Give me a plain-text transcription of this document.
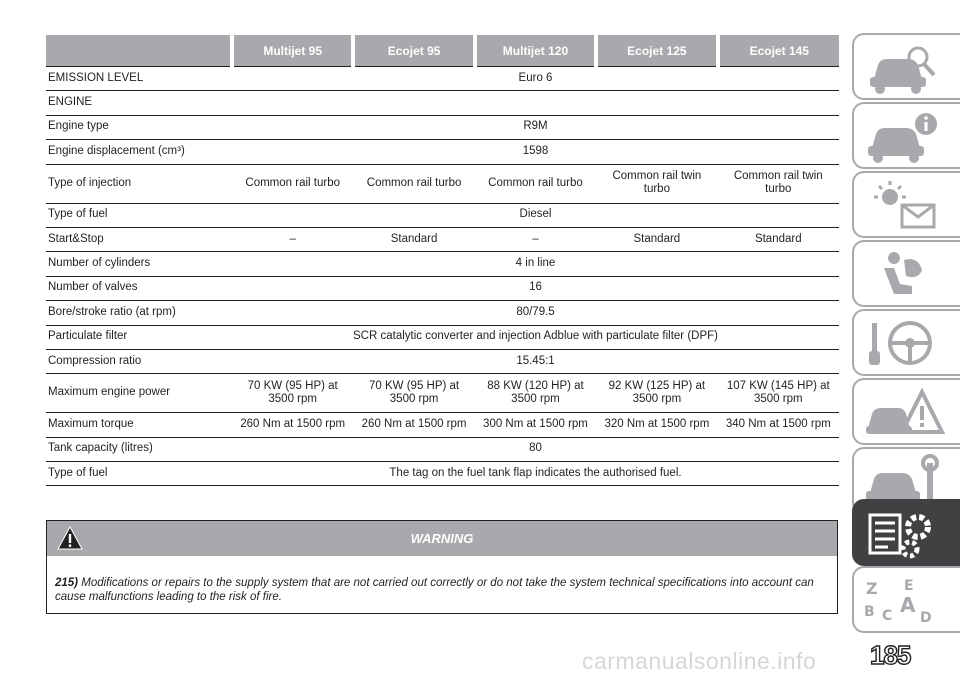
	Multijet 95	Ecojet 95	Multijet 120	Ecojet 125	Ecojet 145
EMISSION LEVEL	Euro 6				
ENGINE					
Engine type	R9M				
Engine displacement (cm³)	1598				
Type of injection	Common rail turbo	Common rail turbo	Common rail turbo	Common rail twin turbo	Common rail twin turbo
Type of fuel	Diesel				
Start&Stop	–	Standard	–	Standard	Standard
Number of cylinders	4 in line				
Number of valves	16				
Bore/stroke ratio (at rpm)	80/79.5				
Particulate filter	SCR catalytic converter and injection Adblue with particulate filter (DPF)				
Compression ratio	15.45:1				
Maximum engine power	70 KW (95 HP) at 3500 rpm	70 KW (95 HP) at 3500 rpm	88 KW (120 HP) at 3500 rpm	92 KW (125 HP) at 3500 rpm	107 KW (145 HP) at 3500 rpm
Maximum torque	260 Nm at 1500 rpm	260 Nm at 1500 rpm	300 Nm at 1500 rpm	320 Nm at 1500 rpm	340 Nm at 1500 rpm
Tank capacity (litres)	80				
Type of fuel	The tag on the fuel tank flap indicates the authorised fuel.				
WARNING
215) Modifications or repairs to the supply system that are not carried out correctly or do not take the system technical specifications into account can cause malfunctions leading to the risk of fire.	Z E
B A
C D
185
carmanualsonline.info
